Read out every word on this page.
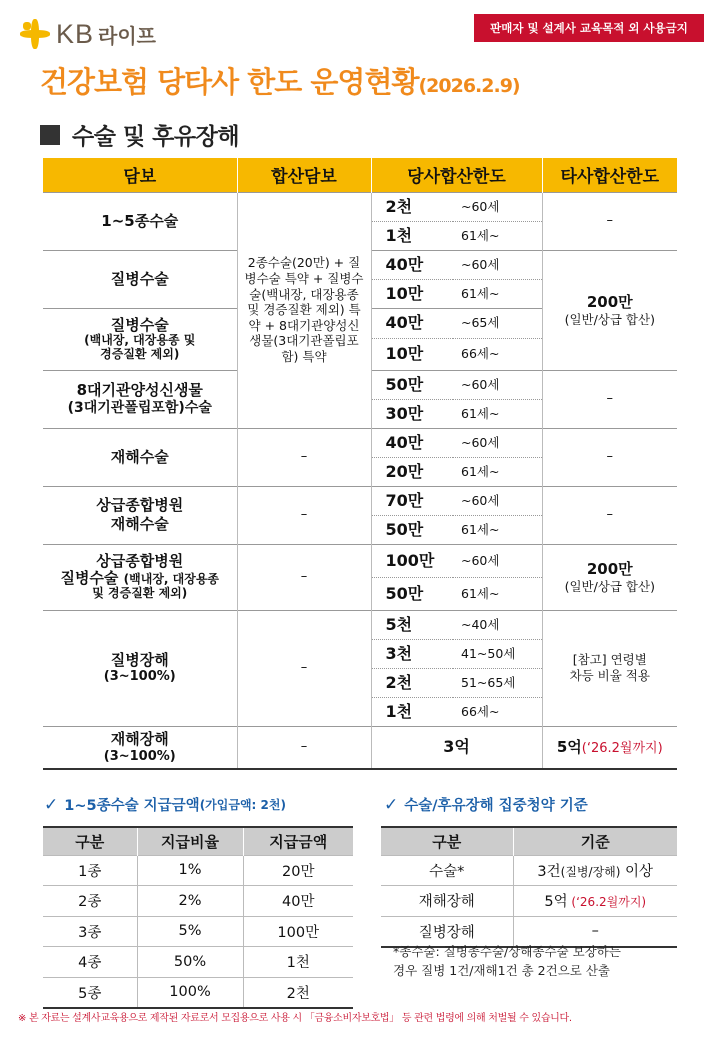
KB 라이프	판매자 및 설계사 교육목적 외 사용금지
건강보험 당타사 한도 운영현황(2026.2.9)
수술 및 후유장해
담보	합산담보	당사합산한도		타사합산한도
1~5종수술	2종수술(20만) + 질병수술 특약 + 질병수술(백내장, 대장용종 및 경증질환 제외) 특약 + 8대기관양성신생물(3대기관폴립포함) 특약	2천	~60세	–
		1천	61세~	
질병수술		40만	~60세	200만
(일반/상급 합산)

		10만	61세~	
질병수술
(백내장, 대장용종 및
경증질환 제외)		40만	~65세	
		10만	66세~	
8대기관양성신생물
(3대기관폴립포함)수술		50만	~60세	–
		30만	61세~	
재해수술	–	40만	~60세	–
		20만	61세~	

상급종합병원
재해수술	–	70만	~60세	–
		50만	61세~	

상급종합병원
질병수술 (백내장, 대장용종
및 경증질환 제외)	–	100만	~60세	200만
(일반/상급 합산)

		50만	61세~	

질병장해
(3~100%)	–	5천	~40세	[참고] 연령별
차등 비율 적용

		3천	41~50세	
		2천	51~65세	
		1천	66세~	

재해장해
(3~100%)	–	3억		5억(‘26.2월까지)
✓ 1~5종수술 지급금액 (가입금액: 2천)
구분	지급비율	지급금액
1종	1%	20만
2종	2%	40만
3종	5%	100만
4종	50%	1천
5종	100%	2천
✓ 수술/후유장해 집중청약 기준
구분	기준
수술*	3건(질병/장해) 이상
재해장해	5억 (‘26.2월까지)
질병장해	–
*종수술: 질병종수술/상해종수술 보장하는
경우 질병 1건/재해1건 총 2건으로 산출
※ 본 자료는 설계사교육용으로 제작된 자료로서 모집용으로 사용 시 「금융소비자보호법」 등 관련 법령에 의해 처벌될 수 있습니다.
